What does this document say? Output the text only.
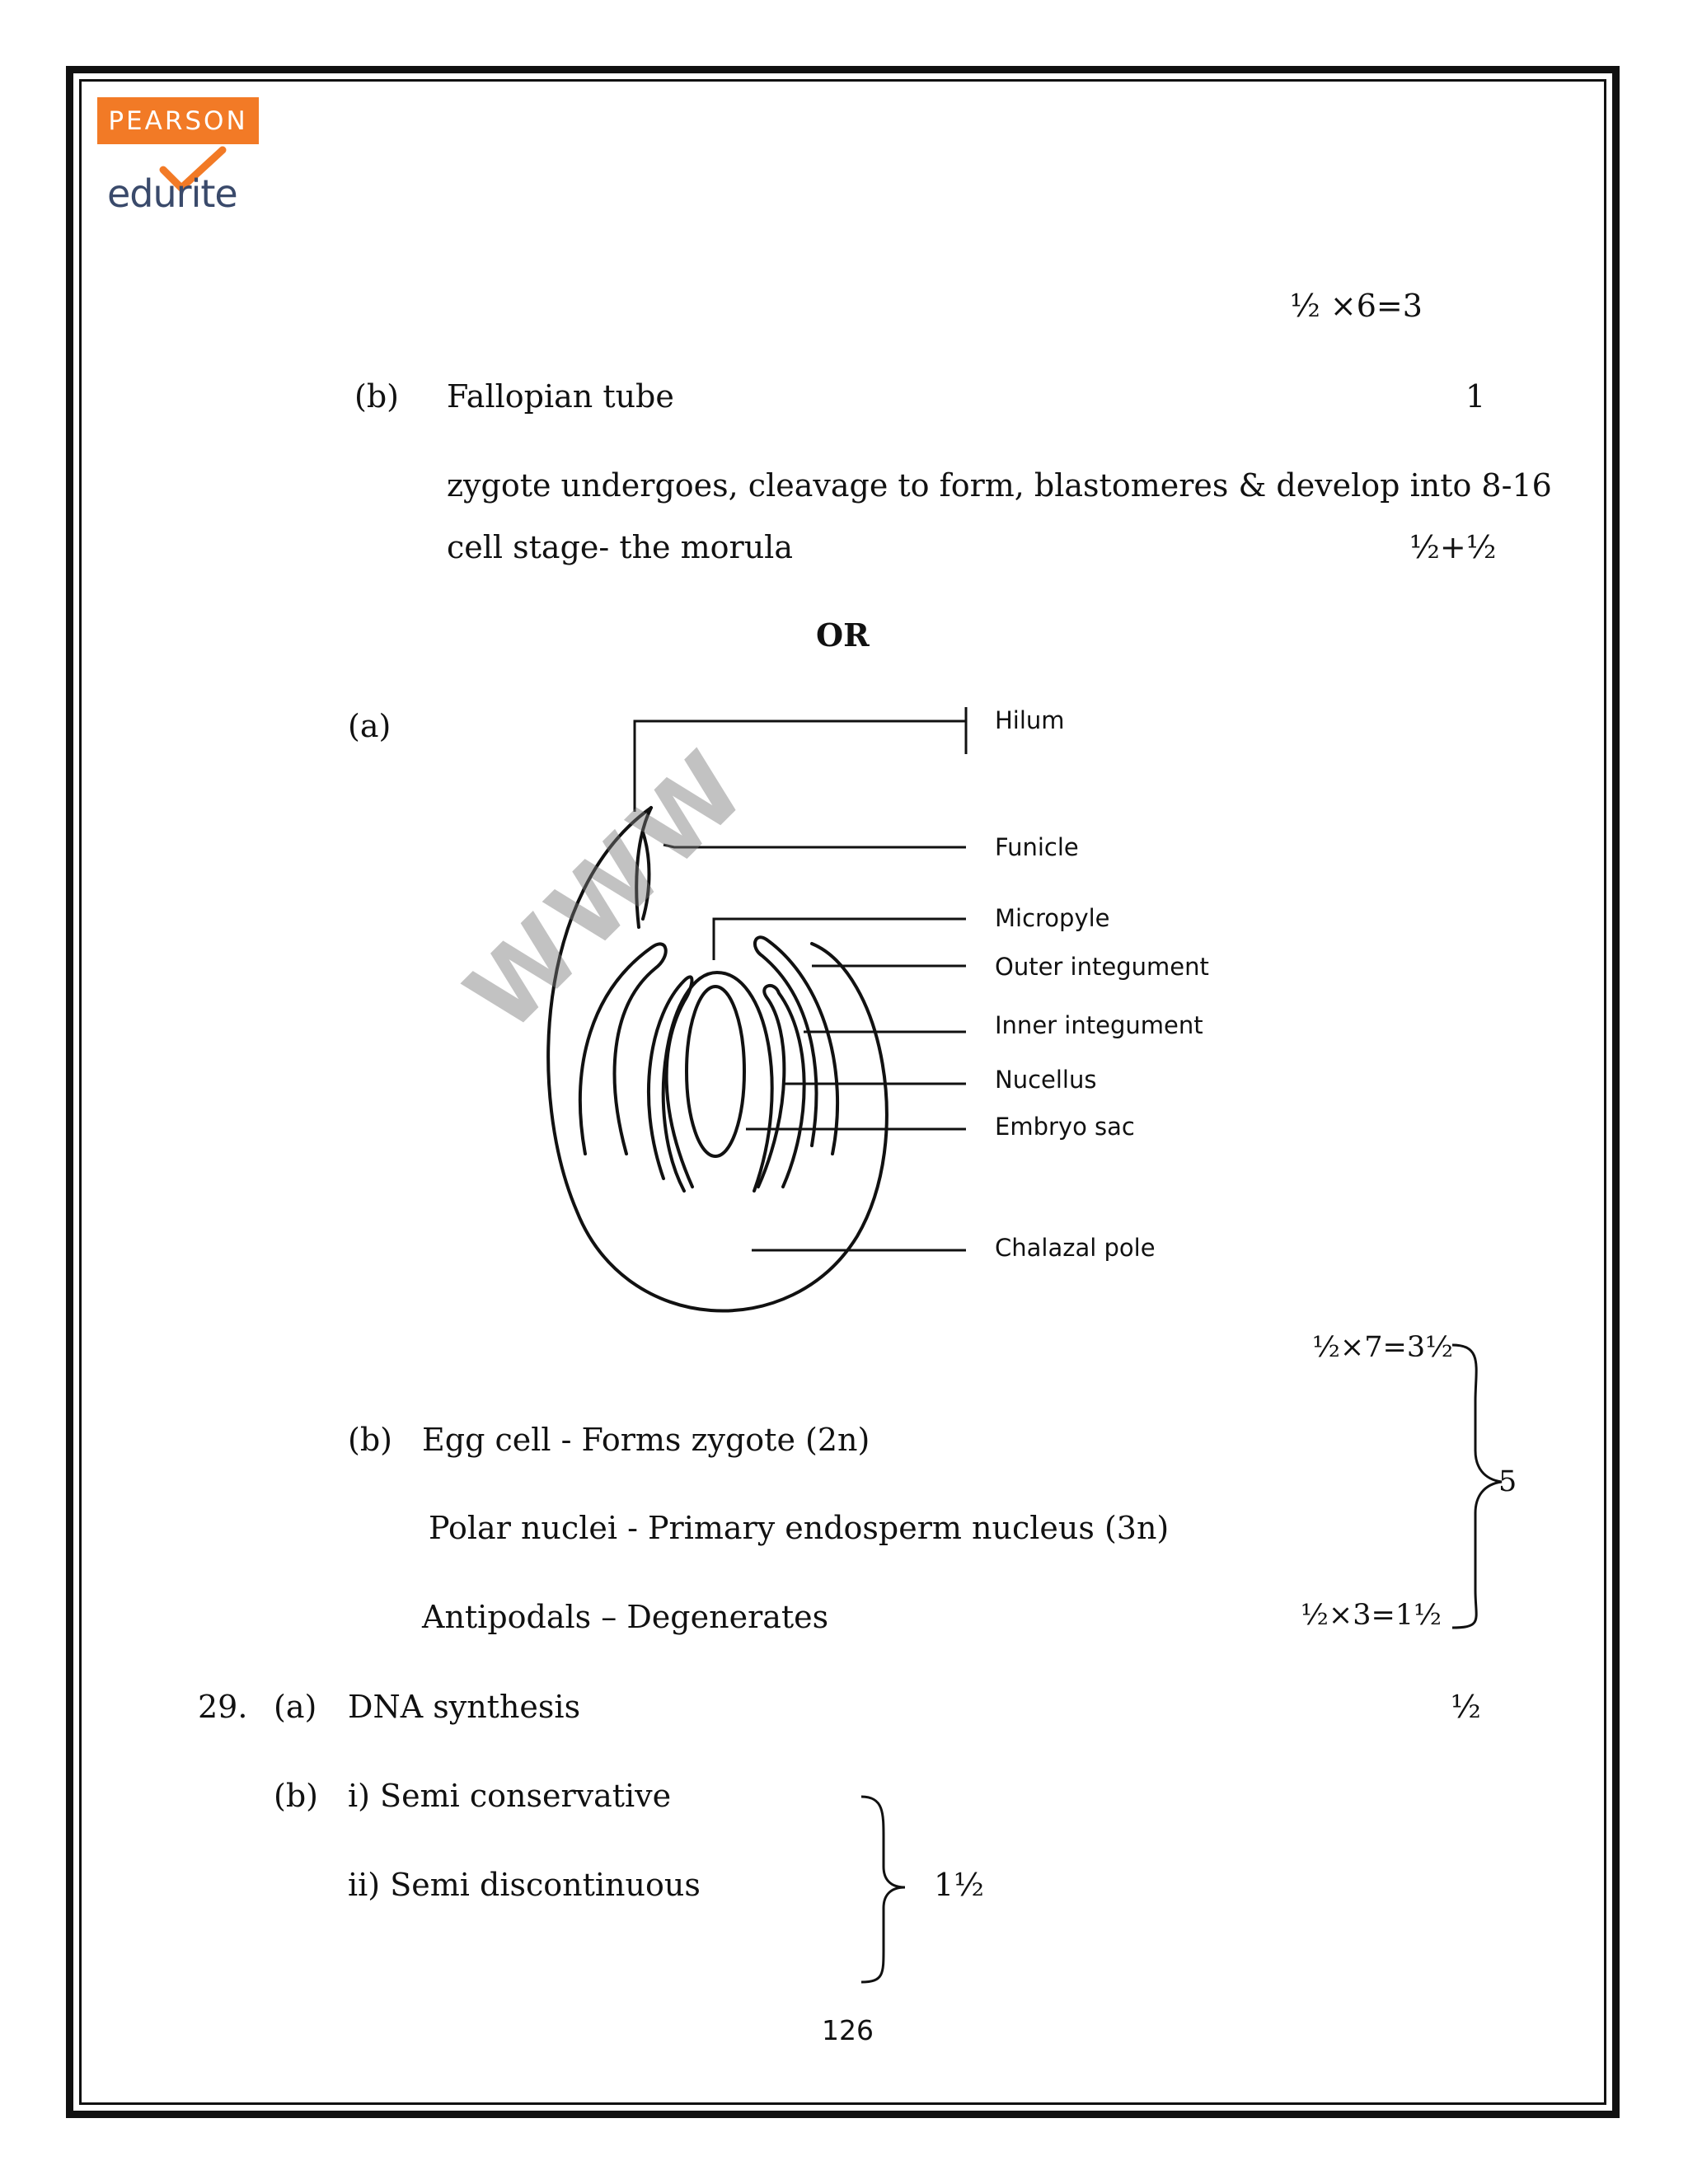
PEARSON
edurite
½ ×6=3
(b) Fallopian tube	1
zygote undergoes, cleavage to form, blastomeres & develop into 8-16
cell stage- the morula	½+½
OR
(a)	Hilum
Funicle
Micropyle
Outer integument
Inner integument
Nucellus
Embryo sac
Chalazal pole
½×7=3½
(b) Egg cell - Forms zygote (2n)
Polar nuclei - Primary endosperm nucleus (3n)
Antipodals – Degenerates	½×3=1½
5
29. (a) DNA synthesis	½
(b) i) Semi conservative
ii) Semi discontinuous	1½
126
WWW
